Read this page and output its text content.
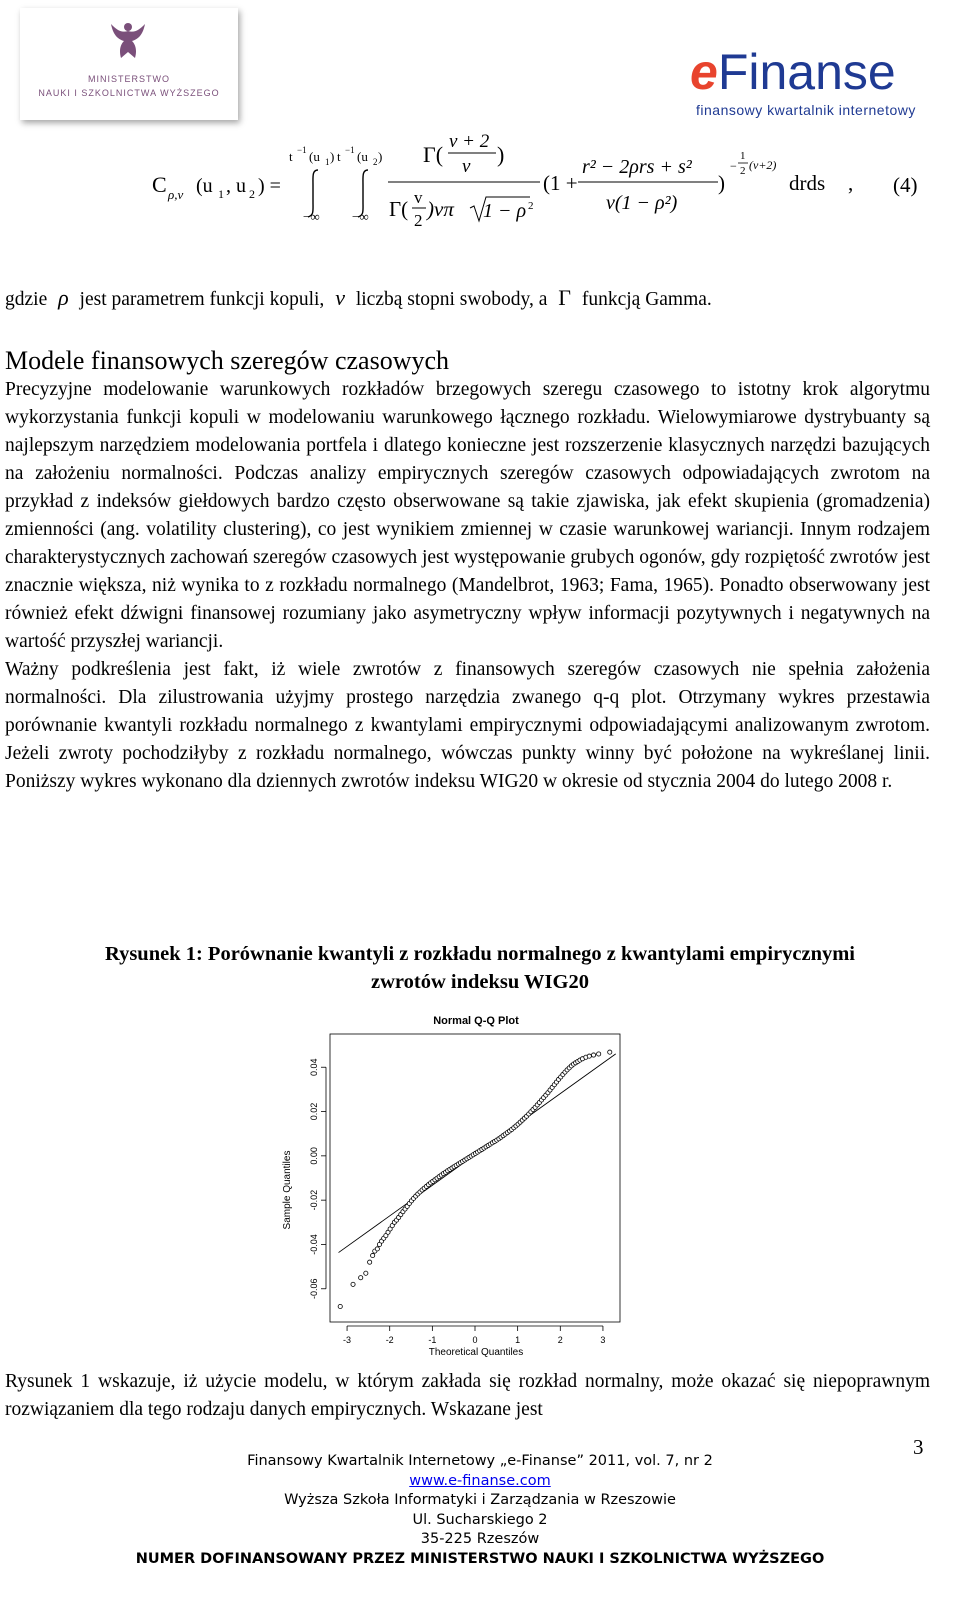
MINISTERSTWO
NAUKI I SZKOLNICTWA WYŻSZEGO	eFinanse
finansowy kwartalnik internetowy
C ρ,ν (u 1 , u 2 ) =
t −1 (u 1 ) t −1 (u 2 )
−∞ −∞
Γ(
ν + 2
ν )
Γ( v
2 )νπ 1 − ρ 2
(1 +
r² − 2ρrs + s²
ν(1 − ρ²)
)
−
1
2 (ν+2)
drds , (4)
gdzie ρ jest parametrem funkcji kopuli, ν liczbą stopni swobody, a Γ funkcją Gamma.
Modele finansowych szeregów czasowych

Precyzyjne modelowanie warunkowych rozkładów brzegowych szeregu czasowego to istotny krok algorytmu wykorzystania funkcji kopuli w modelowaniu warunkowego łącznego rozkładu. Wielowymiarowe dystrybuanty są najlepszym narzędziem modelowania portfela i dlatego konieczne jest rozszerzenie klasycznych narzędzi bazujących na założeniu normalności. Podczas analizy empirycznych szeregów czasowych odpowiadających zwrotom na przykład z indeksów giełdowych bardzo często obserwowane są takie zjawiska, jak efekt skupienia (gromadzenia) zmienności (ang. volatility clustering), co jest wynikiem zmiennej w czasie warunkowej wariancji. Innym rodzajem charakterystycznych zachowań szeregów czasowych jest występowanie grubych ogonów, gdy rozpiętość zwrotów jest znacznie większa, niż wynika to z rozkładu normalnego (Mandelbrot, 1963; Fama, 1965). Ponadto obserwowany jest również efekt dźwigni finansowej rozumiany jako asymetryczny wpływ informacji pozytywnych i negatywnych na wartość przyszłej wariancji.

Ważny podkreślenia jest fakt, iż wiele zwrotów z finansowych szeregów czasowych nie spełnia założenia normalności. Dla zilustrowania użyjmy prostego narzędzia zwanego q-q plot. Otrzymany wykres przestawia porównanie kwantyli rozkładu normalnego z kwantylami empirycznymi odpowiadającymi analizowanym zwrotom. Jeżeli zwroty pochodziłyby z rozkładu normalnego, wówczas punkty winny być położone na wykreślanej linii. Poniższy wykres wykonano dla dziennych zwrotów indeksu WIG20 w okresie od stycznia 2004 do lutego 2008 r.

Rysunek 1: Porównanie kwantyli z rozkładu normalnego z kwantylami empirycznymi
zwrotów indeksu WIG20
Normal Q-Q Plot
Theoretical Quantiles
Sample Quantiles
-3	-2	-1	0	1	2	3
-0.06
-0.04
-0.02
0.00
0.02
0.04

Rysunek 1 wskazuje, iż użycie modelu, w którym zakłada się rozkład normalny, może okazać się niepoprawnym rozwiązaniem dla tego rodzaju danych empirycznych. Wskazane jest

3
Finansowy Kwartalnik Internetowy „e-Finanse” 2011, vol. 7, nr 2
www.e-finanse.com
Wyższa Szkoła Informatyki i Zarządzania w Rzeszowie
Ul. Sucharskiego 2
35-225 Rzeszów
NUMER DOFINANSOWANY PRZEZ MINISTERSTWO NAUKI I SZKOLNICTWA WYŻSZEGO
